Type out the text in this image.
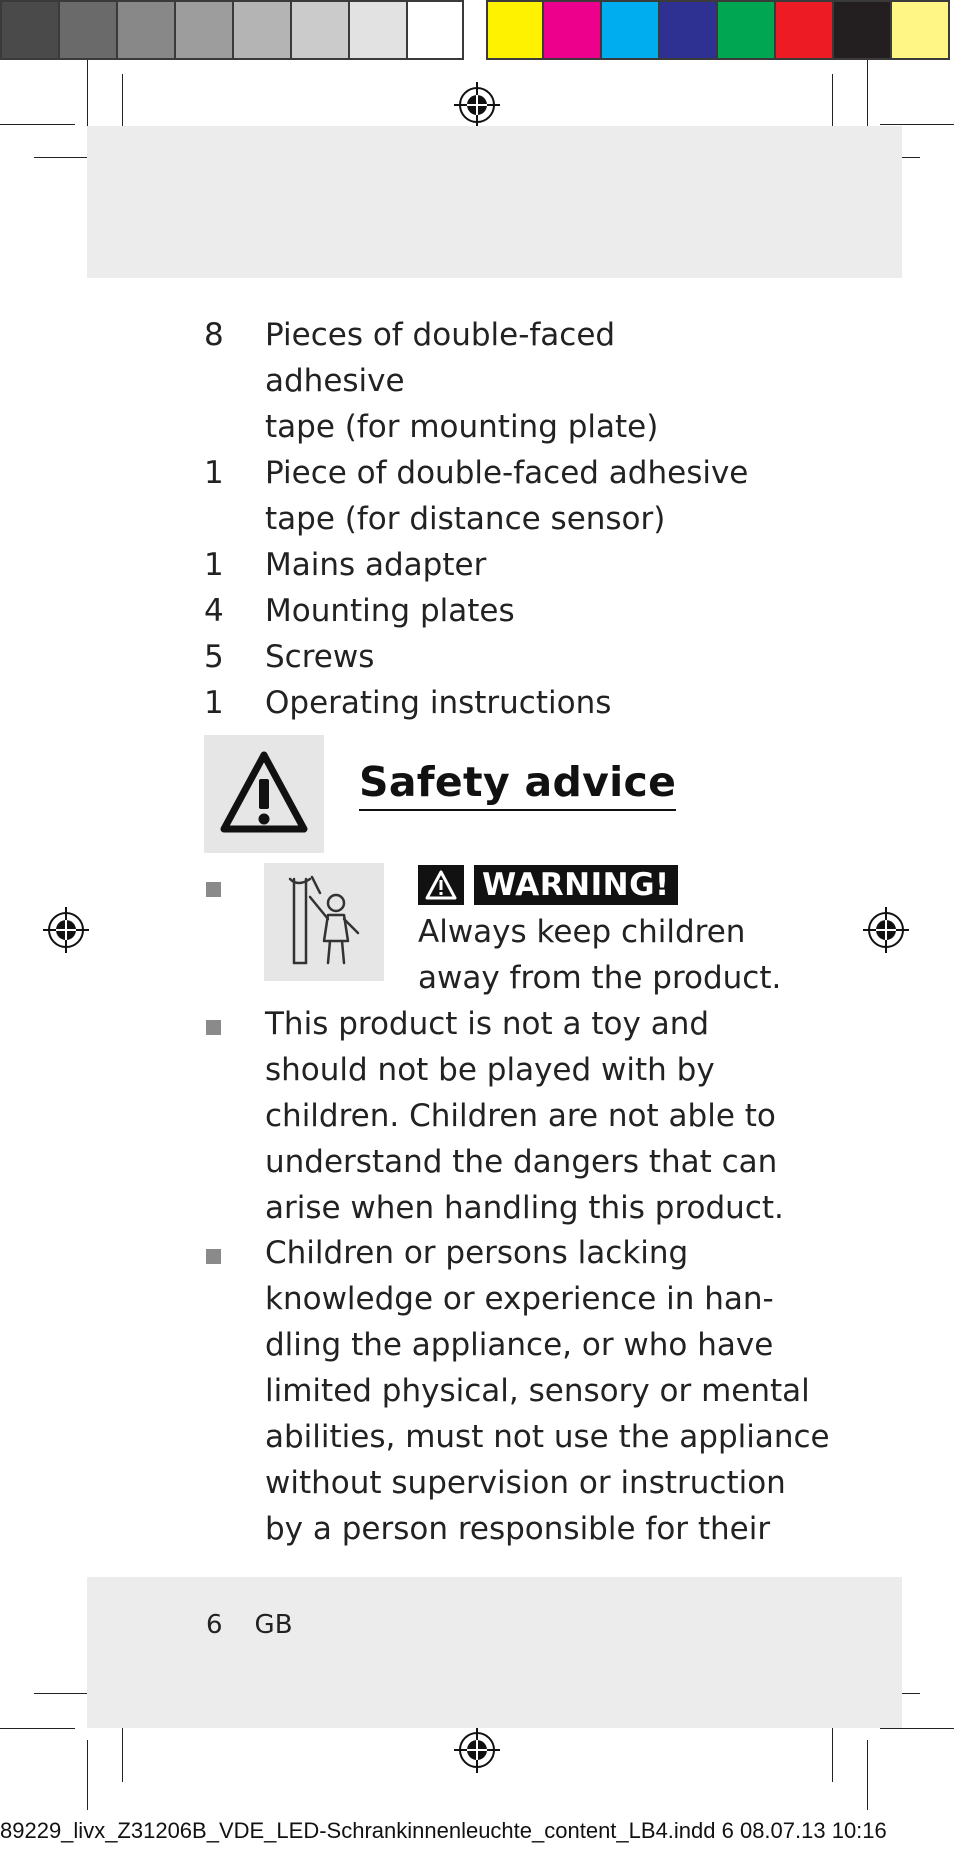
8	Pieces of double-faced adhesive
tape (for mounting plate)
1	Piece of double-faced adhesive
tape (for distance sensor)
1	Mains adapter
4	Mounting plates
5	Screws
1	Operating instructions
Safety advice
WARNING!

Always keep children
away from the product.

This product is not a toy and
should not be played with by
children. Children are not able to
understand the dangers that can
arise when handling this product.

Children or persons lacking
knowledge or experience in han-
dling the appliance, or who have
limited physical, sensory or mental
abilities, must not use the appliance
without supervision or instruction
by a person responsible for their

6 GB
89229_livx_Z31206B_VDE_LED-Schrankinnenleuchte_content_LB4.indd 6 08.07.13 10:16
